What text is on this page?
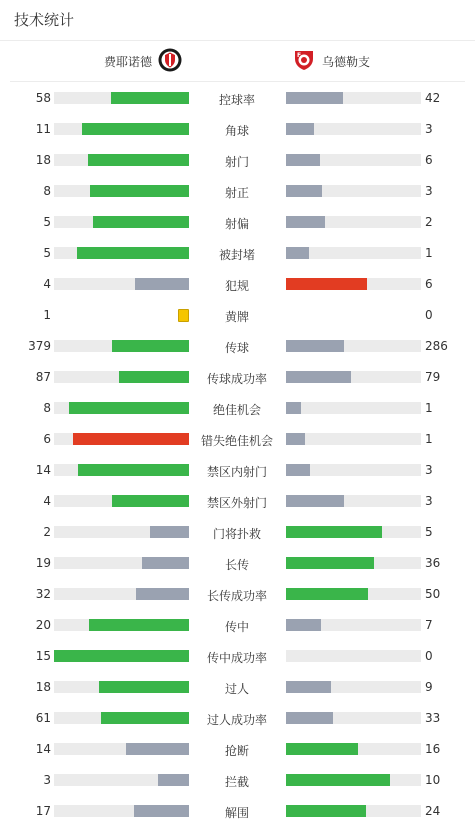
技术统计
费耶诺德	F 乌德勒支
58	控球率	42
11	角球	3
18	射门	6
8	射正	3
5	射偏	2
5	被封堵	1
4	犯规	6
1	黄牌	0
379	传球	286
87	传球成功率	79
8	绝佳机会	1
6	错失绝佳机会	1
14	禁区内射门	3
4	禁区外射门	3
2	门将扑救	5
19	长传	36
32	长传成功率	50
20	传中	7
15	传中成功率	0
18	过人	9
61	过人成功率	33
14	抢断	16
3	拦截	10
17	解围	24
